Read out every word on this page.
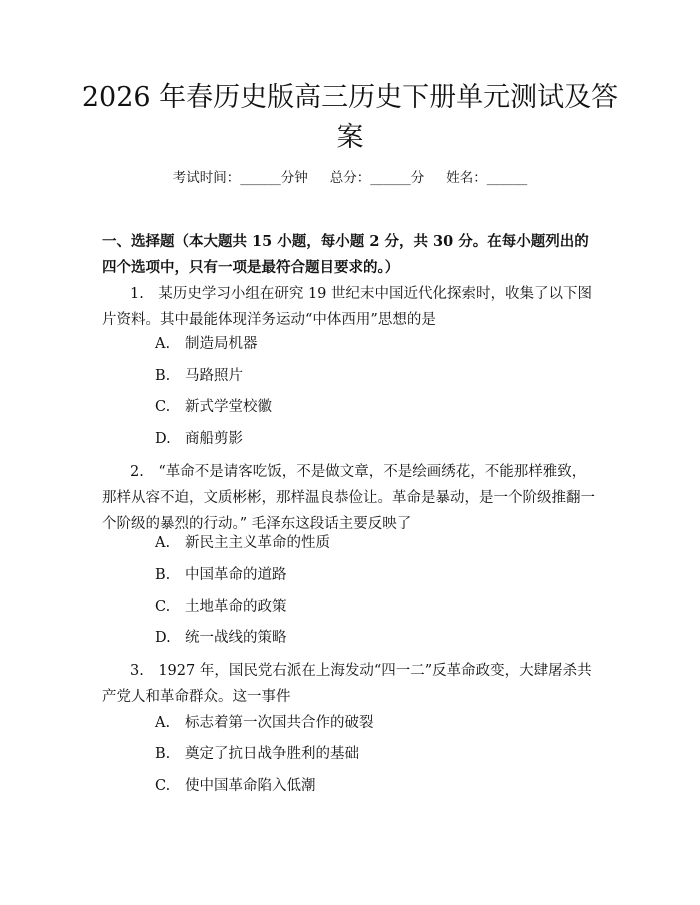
2026 年春历史版高三历史下册单元测试及答案
考试时间：______分钟 总分：______分 姓名：______

一、选择题（本大题共 15 小题，每小题 2 分，共 30 分。在每小题列出的四个选项中，只有一项是最符合题目要求的。）

1.　某历史学习小组在研究 19 世纪末中国近代化探索时，收集了以下图片资料。其中最能体现洋务运动“中体西用”思想的是

A. 制造局机器

B. 马路照片

C. 新式学堂校徽

D. 商船剪影

2.　“革命不是请客吃饭，不是做文章，不是绘画绣花，不能那样雅致，那样从容不迫，文质彬彬，那样温良恭俭让。革命是暴动，是一个阶级推翻一个阶级的暴烈的行动。” 毛泽东这段话主要反映了

A. 新民主主义革命的性质

B. 中国革命的道路

C. 土地革命的政策

D. 统一战线的策略

3.　1927 年，国民党右派在上海发动“四一二”反革命政变，大肆屠杀共产党人和革命群众。这一事件

A. 标志着第一次国共合作的破裂

B. 奠定了抗日战争胜利的基础

C. 使中国革命陷入低潮
